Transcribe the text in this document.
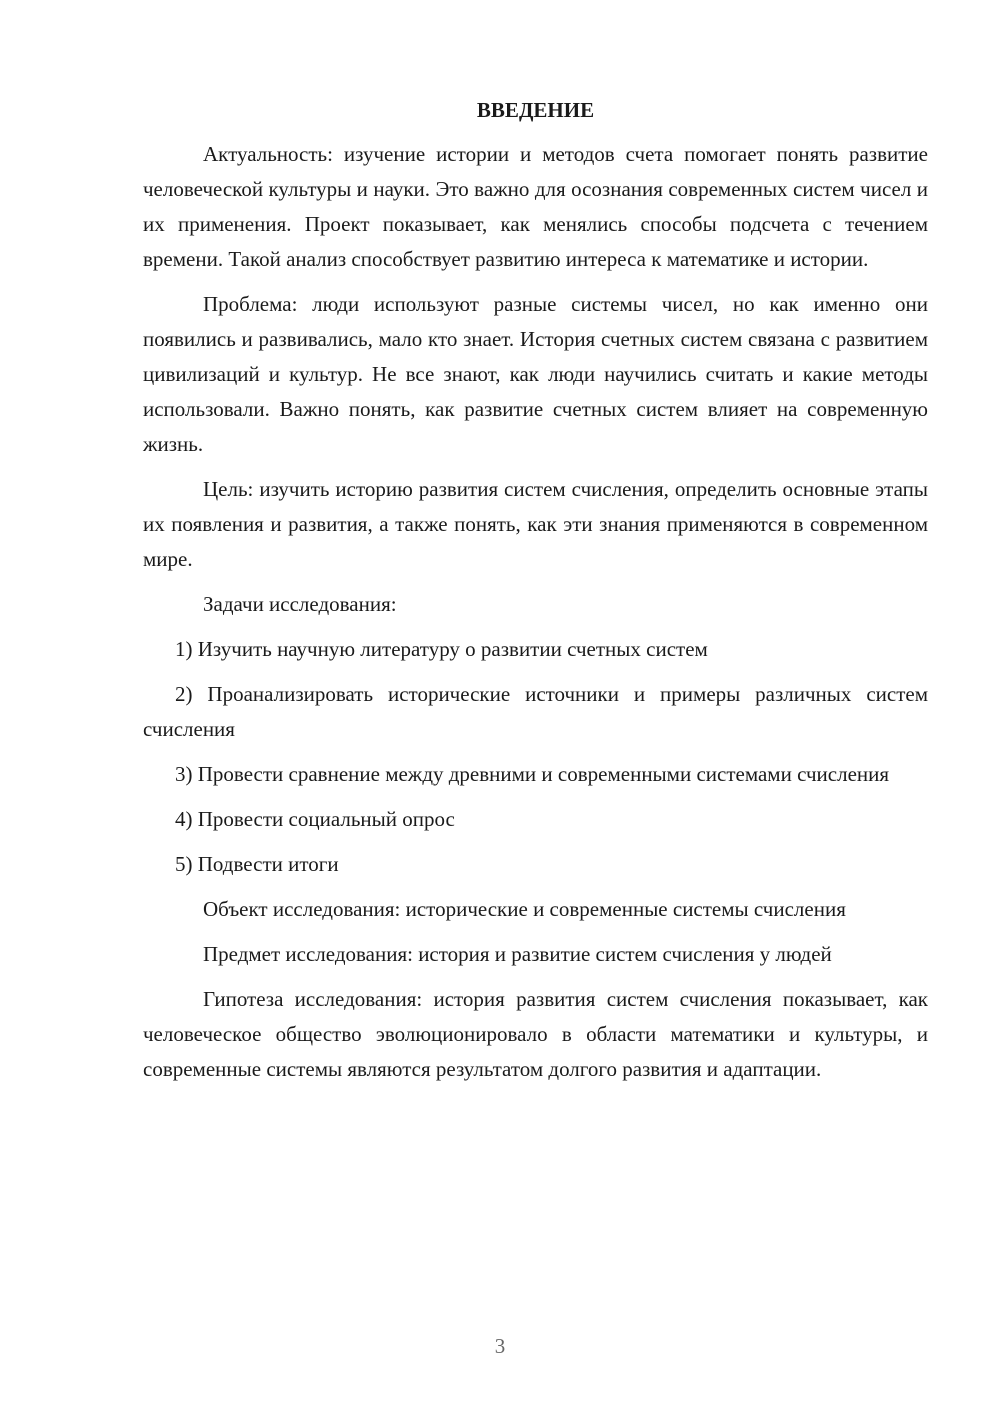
ВВЕДЕНИЕ

Актуальность: изучение истории и методов счета помогает понять развитие человеческой культуры и науки. Это важно для осознания современных систем чисел и их применения. Проект показывает, как менялись способы подсчета с течением времени. Такой анализ способствует развитию интереса к математике и истории.

Проблема: люди используют разные системы чисел, но как именно они появились и развивались, мало кто знает. История счетных систем связана с развитием цивилизаций и культур. Не все знают, как люди научились считать и какие методы использовали. Важно понять, как развитие счетных систем влияет на современную жизнь.

Цель: изучить историю развития систем счисления, определить основные этапы их появления и развития, а также понять, как эти знания применяются в современном мире.

Задачи исследования:

1) Изучить научную литературу о развитии счетных систем

2) Проанализировать исторические источники и примеры различных систем счисления

3) Провести сравнение между древними и современными системами счисления

4) Провести социальный опрос

5) Подвести итоги

Объект исследования: исторические и современные системы счисления

Предмет исследования: история и развитие систем счисления у людей

Гипотеза исследования: история развития систем счисления показывает, как человеческое общество эволюционировало в области математики и культуры, и современные системы являются результатом долгого развития и адаптации.

3
